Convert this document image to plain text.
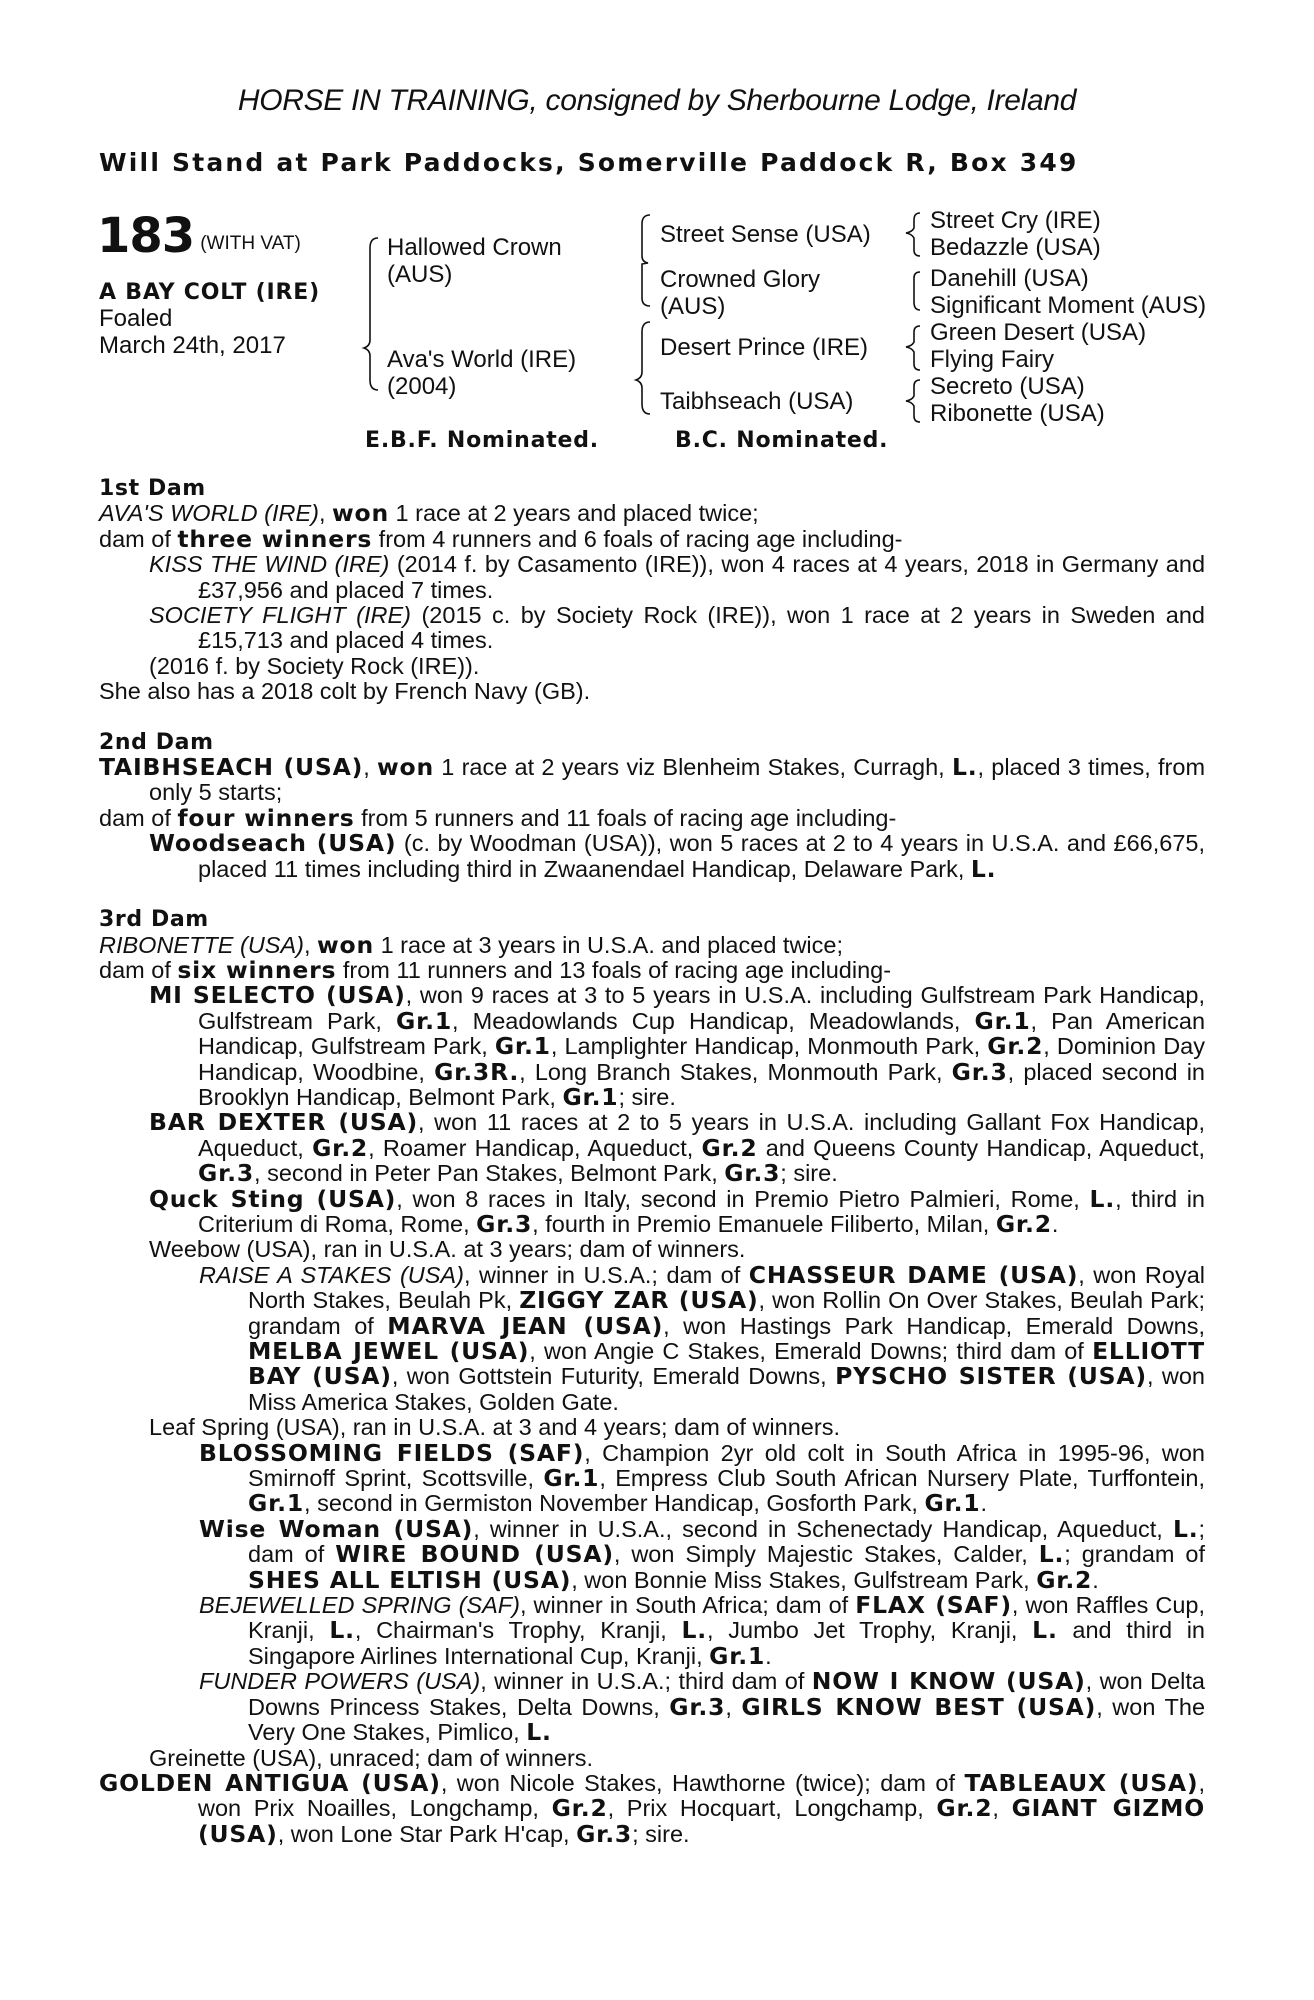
HORSE IN TRAINING, consigned by Sherbourne Lodge, Ireland
Will Stand at Park Paddocks, Somerville Paddock R, Box 349
183 (WITH VAT)
A BAY COLT (IRE)
Foaled
March 24th, 2017
Hallowed Crown
(AUS)
Ava's World (IRE)
(2004)
Street Sense (USA)
Crowned Glory
(AUS)
Desert Prince (IRE)
Taibhseach (USA)
Street Cry (IRE)
Bedazzle (USA)
Danehill (USA)
Significant Moment (AUS)
Green Desert (USA)
Flying Fairy
Secreto (USA)
Ribonette (USA)
E.B.F. Nominated.	B.C. Nominated.

1st Dam

AVA'S WORLD (IRE), won 1 race at 2 years and placed twice;

dam of three winners from 4 runners and 6 foals of racing age including-

KISS THE WIND (IRE) (2014 f. by Casamento (IRE)), won 4 races at 4 years, 2018 in Germany and £37,956 and placed 7 times.

SOCIETY FLIGHT (IRE) (2015 c. by Society Rock (IRE)), won 1 race at 2 years in Sweden and £15,713 and placed 4 times.

(2016 f. by Society Rock (IRE)).

She also has a 2018 colt by French Navy (GB).

2nd Dam

TAIBHSEACH (USA), won 1 race at 2 years viz Blenheim Stakes, Curragh, L., placed 3 times, from only 5 starts;

dam of four winners from 5 runners and 11 foals of racing age including-

Woodseach (USA) (c. by Woodman (USA)), won 5 races at 2 to 4 years in U.S.A. and £66,675, placed 11 times including third in Zwaanendael Handicap, Delaware Park, L.

3rd Dam

RIBONETTE (USA), won 1 race at 3 years in U.S.A. and placed twice;

dam of six winners from 11 runners and 13 foals of racing age including-

MI SELECTO (USA), won 9 races at 3 to 5 years in U.S.A. including Gulfstream Park Handicap, Gulfstream Park, Gr.1, Meadowlands Cup Handicap, Meadowlands, Gr.1, Pan American Handicap, Gulfstream Park, Gr.1, Lamplighter Handicap, Monmouth Park, Gr.2, Dominion Day Handicap, Woodbine, Gr.3R., Long Branch Stakes, Monmouth Park, Gr.3, placed second in Brooklyn Handicap, Belmont Park, Gr.1; sire.

BAR DEXTER (USA), won 11 races at 2 to 5 years in U.S.A. including Gallant Fox Handicap, Aqueduct, Gr.2, Roamer Handicap, Aqueduct, Gr.2 and Queens County Handicap, Aqueduct, Gr.3, second in Peter Pan Stakes, Belmont Park, Gr.3; sire.

Quck Sting (USA), won 8 races in Italy, second in Premio Pietro Palmieri, Rome, L., third in Criterium di Roma, Rome, Gr.3, fourth in Premio Emanuele Filiberto, Milan, Gr.2.

Weebow (USA), ran in U.S.A. at 3 years; dam of winners.

RAISE A STAKES (USA), winner in U.S.A.; dam of CHASSEUR DAME (USA), won Royal North Stakes, Beulah Pk, ZIGGY ZAR (USA), won Rollin On Over Stakes, Beulah Park; grandam of MARVA JEAN (USA), won Hastings Park Handicap, Emerald Downs, MELBA JEWEL (USA), won Angie C Stakes, Emerald Downs; third dam of ELLIOTT BAY (USA), won Gottstein Futurity, Emerald Downs, PYSCHO SISTER (USA), won Miss America Stakes, Golden Gate.

Leaf Spring (USA), ran in U.S.A. at 3 and 4 years; dam of winners.

BLOSSOMING FIELDS (SAF), Champion 2yr old colt in South Africa in 1995-96, won Smirnoff Sprint, Scottsville, Gr.1, Empress Club South African Nursery Plate, Turffontein, Gr.1, second in Germiston November Handicap, Gosforth Park, Gr.1.

Wise Woman (USA), winner in U.S.A., second in Schenectady Handicap, Aqueduct, L.; dam of WIRE BOUND (USA), won Simply Majestic Stakes, Calder, L.; grandam of SHES ALL ELTISH (USA), won Bonnie Miss Stakes, Gulfstream Park, Gr.2.

BEJEWELLED SPRING (SAF), winner in South Africa; dam of FLAX (SAF), won Raffles Cup, Kranji, L., Chairman's Trophy, Kranji, L., Jumbo Jet Trophy, Kranji, L. and third in Singapore Airlines International Cup, Kranji, Gr.1.

FUNDER POWERS (USA), winner in U.S.A.; third dam of NOW I KNOW (USA), won Delta Downs Princess Stakes, Delta Downs, Gr.3, GIRLS KNOW BEST (USA), won The Very One Stakes, Pimlico, L.

Greinette (USA), unraced; dam of winners.

GOLDEN ANTIGUA (USA), won Nicole Stakes, Hawthorne (twice); dam of TABLEAUX (USA), won Prix Noailles, Longchamp, Gr.2, Prix Hocquart, Longchamp, Gr.2, GIANT GIZMO (USA), won Lone Star Park H'cap, Gr.3; sire.
